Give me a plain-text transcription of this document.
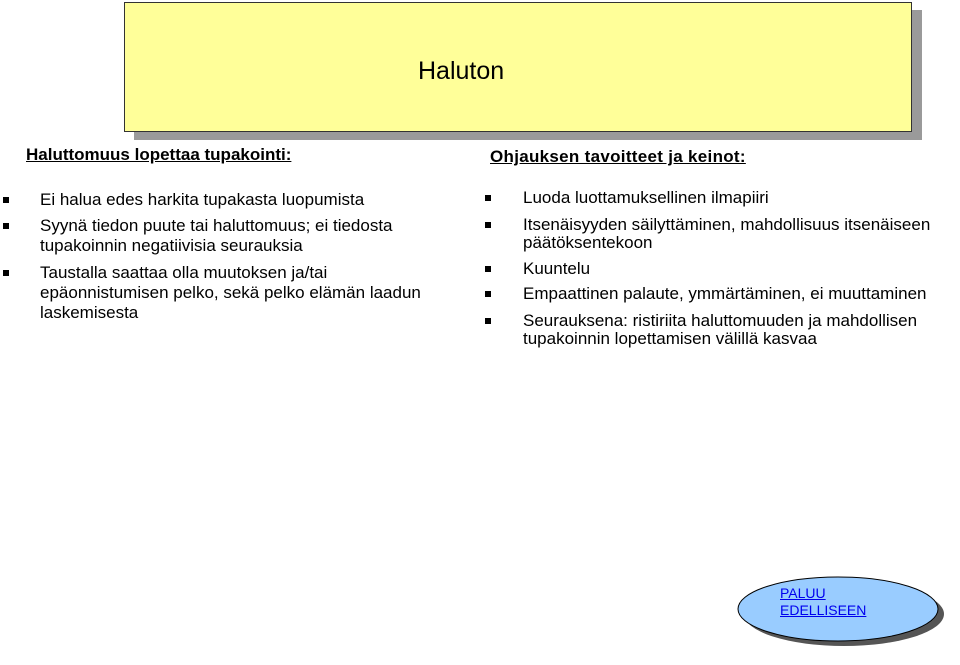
Haluton
Haluttomuus lopettaa tupakointi:
Ei halua edes harkita tupakasta luopumista
Syynä tiedon puute tai haluttomuus; ei tiedosta tupakoinnin negatiivisia seurauksia
Taustalla saattaa olla muutoksen ja/tai epäonnistumisen pelko, sekä pelko elämän laadun laskemisesta
Ohjauksen tavoitteet ja keinot:
Luoda luottamuksellinen ilmapiiri
Itsenäisyyden säilyttäminen, mahdollisuus itsenäiseen päätöksentekoon
Kuuntelu
Empaattinen palaute, ymmärtäminen, ei muuttaminen
Seurauksena: ristiriita haluttomuuden ja mahdollisen tupakoinnin lopettamisen välillä kasvaa
PALUU
EDELLISEEN
